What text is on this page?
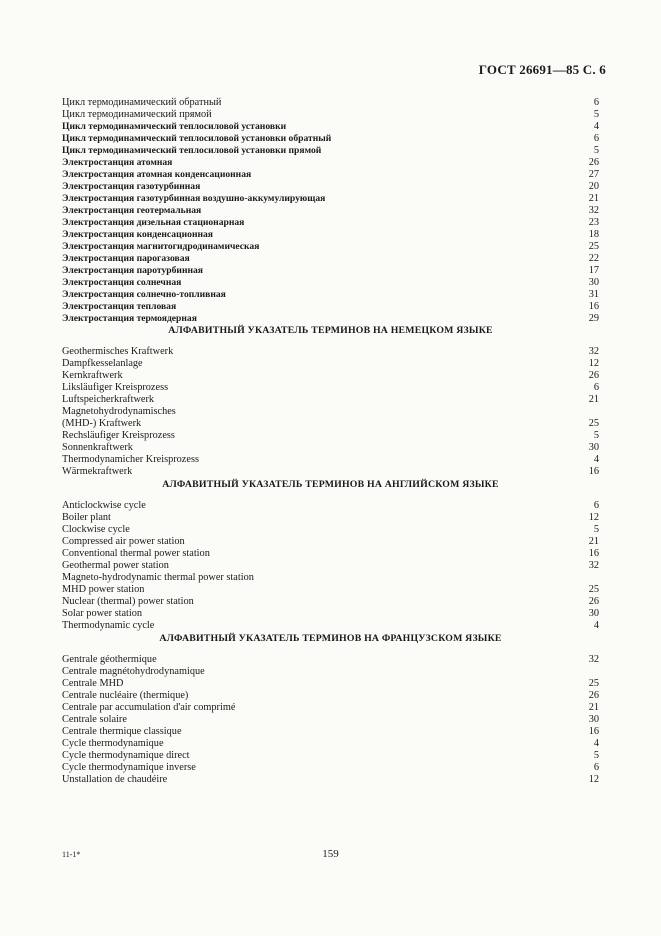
ГОСТ 26691—85 С. 6
Цикл термодинамический обратный	6
Цикл термодинамический прямой	5
Цикл термодинамический теплосиловой установки	4
Цикл термодинамический теплосиловой установки обратный	6
Цикл термодинамический теплосиловой установки прямой	5
Электростанция атомная	26
Электростанция атомная конденсационная	27
Электростанция газотурбинная	20
Электростанция газотурбинная воздушно-аккумулирующая	21
Электростанция геотермальная	32
Электростанция дизельная стационарная	23
Электростанция конденсационная	18
Электростанция магнитогидродинамическая	25
Электростанция парогазовая	22
Электростанция паротурбинная	17
Электростанция солнечная	30
Электростанция солнечно-топливная	31
Электростанция тепловая	16
Электростанция термоядерная	29
АЛФАВИТНЫЙ УКАЗАТЕЛЬ ТЕРМИНОВ НА НЕМЕЦКОМ ЯЗЫКЕ
Geothermisches Kraftwerk	32
Dampfkesselanlage	12
Kernkraftwerk	26
Liksläufiger Kreisprozess	6
Luftspeicherkraftwerk	21
Magnetohydrodynamisches
(MHD-) Kraftwerk	25
Rechsläufiger Kreisprozess	5
Sonnenkraftwerk	30
Thermodynamicher Kreisprozess	4
Wärmekraftwerk	16
АЛФАВИТНЫЙ УКАЗАТЕЛЬ ТЕРМИНОВ НА АНГЛИЙСКОМ ЯЗЫКЕ
Anticlockwise cycle	6
Boiler plant	12
Clockwise cycle	5
Compressed air power station	21
Conventional thermal power station	16
Geothermal power station	32
Magneto-hydrodynamic thermal power station
MHD power station	25
Nuclear (thermal) power station	26
Solar power station	30
Thermodynamic cycle	4
АЛФАВИТНЫЙ УКАЗАТЕЛЬ ТЕРМИНОВ НА ФРАНЦУЗСКОМ ЯЗЫКЕ
Gentrale géothermique	32
Centrale magnétohydrodynamique
Centrale MHD	25
Centrale nucléaire (thermique)	26
Centrale par accumulation d'air comprimé	21
Centrale solaire	30
Centrale thermique classique	16
Cycle thermodynamique	4
Cycle thermodynamique direct	5
Cycle thermodynamique inverse	6
Unstallation de chaudéire	12
11-1*	159
